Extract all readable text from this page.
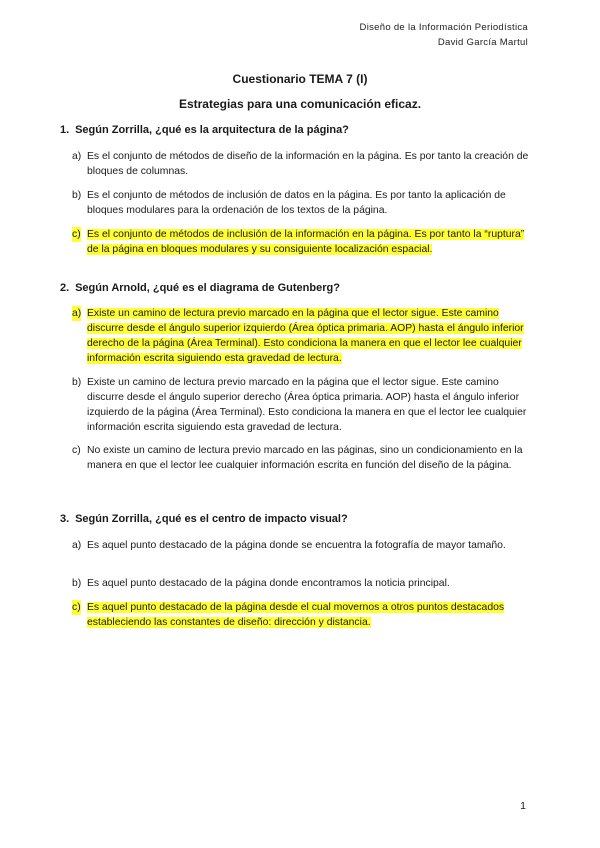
Diseño de la Información Periodística
David García Martul
Cuestionario TEMA 7 (I)
Estrategias para una comunicación eficaz.
1. Según Zorrilla, ¿qué es la arquitectura de la página?
a) Es el conjunto de métodos de diseño de la información en la página. Es por tanto la creación de bloques de columnas.
b) Es el conjunto de métodos de inclusión de datos en la página. Es por tanto la aplicación de bloques modulares para la ordenación de los textos de la página.
c) Es el conjunto de métodos de inclusión de la información en la página. Es por tanto la “ruptura” de la página en bloques modulares y su consiguiente localización espacial.
2. Según Arnold, ¿qué es el diagrama de Gutenberg?
a) Existe un camino de lectura previo marcado en la página que el lector sigue. Este camino discurre desde el ángulo superior izquierdo (Área óptica primaria. AOP) hasta el ángulo inferior derecho de la página (Área Terminal). Esto condiciona la manera en que el lector lee cualquier información escrita siguiendo esta gravedad de lectura.
b) Existe un camino de lectura previo marcado en la página que el lector sigue. Este camino discurre desde el ángulo superior derecho (Área óptica primaria. AOP) hasta el ángulo inferior izquierdo de la página (Área Terminal). Esto condiciona la manera en que el lector lee cualquier información escrita siguiendo esta gravedad de lectura.
c) No existe un camino de lectura previo marcado en las páginas, sino un condicionamiento en la manera en que el lector lee cualquier información escrita en función del diseño de la página.
3. Según Zorrilla, ¿qué es el centro de impacto visual?
a) Es aquel punto destacado de la página donde se encuentra la fotografía de mayor tamaño.
b) Es aquel punto destacado de la página donde encontramos la noticia principal.
c) Es aquel punto destacado de la página desde el cual movernos a otros puntos destacados estableciendo las constantes de diseño: dirección y distancia.
1
